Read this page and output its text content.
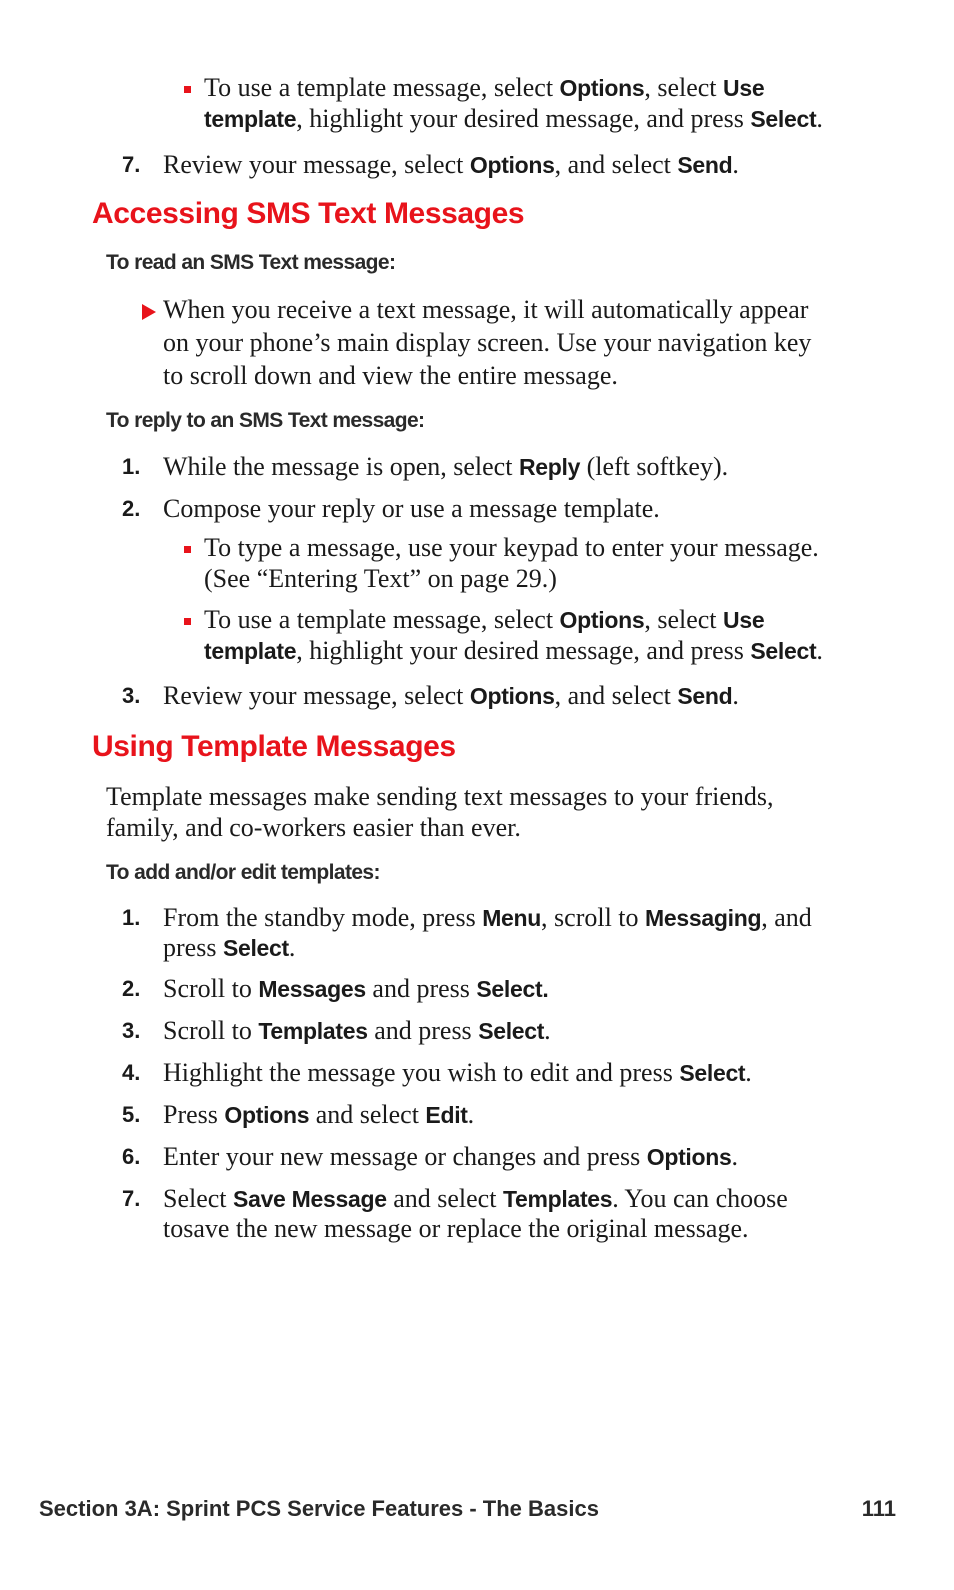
To use a template message, select Options, select Use
template, highlight your desired message, and press Select.
7. Review your message, select Options, and select Send.
Accessing SMS Text Messages
To read an SMS Text message:
When you receive a text message, it will automatically appear
on your phone’s main display screen. Use your navigation key
to scroll down and view the entire message.
To reply to an SMS Text message:
1. While the message is open, select Reply (left softkey).
2. Compose your reply or use a message template.
To type a message, use your keypad to enter your message.
(See “Entering Text” on page 29.)
To use a template message, select Options, select Use
template, highlight your desired message, and press Select.
3. Review your message, select Options, and select Send.
Using Template Messages
Template messages make sending text messages to your friends,
family, and co-workers easier than ever.
To add and/or edit templates:
1. From the standby mode, press Menu, scroll to Messaging, and
press Select.
2. Scroll to Messages and press Select.
3. Scroll to Templates and press Select.
4. Highlight the message you wish to edit and press Select.
5. Press Options and select Edit.
6. Enter your new message or changes and press Options.
7. Select Save Message and select Templates. You can choose
tosave the new message or replace the original message.
Section 3A: Sprint PCS Service Features - The Basics	111
